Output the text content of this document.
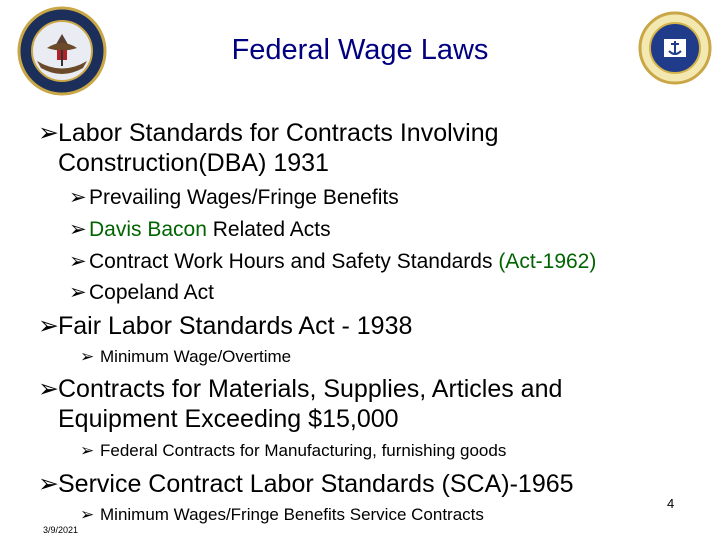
Federal Wage Laws
➢Labor Standards for Contracts Involving
Construction(DBA) 1931
➢ Prevailing Wages/Fringe Benefits
➢ Davis Bacon Related Acts
➢ Contract Work Hours and Safety Standards (Act-1962)
➢ Copeland Act
➢Fair Labor Standards Act - 1938
➢ Minimum Wage/Overtime
➢Contracts for Materials, Supplies, Articles and
Equipment Exceeding $15,000
➢ Federal Contracts for Manufacturing, furnishing goods
➢Service Contract Labor Standards (SCA)-1965
➢ Minimum Wages/Fringe Benefits Service Contracts
4
3/9/2021
